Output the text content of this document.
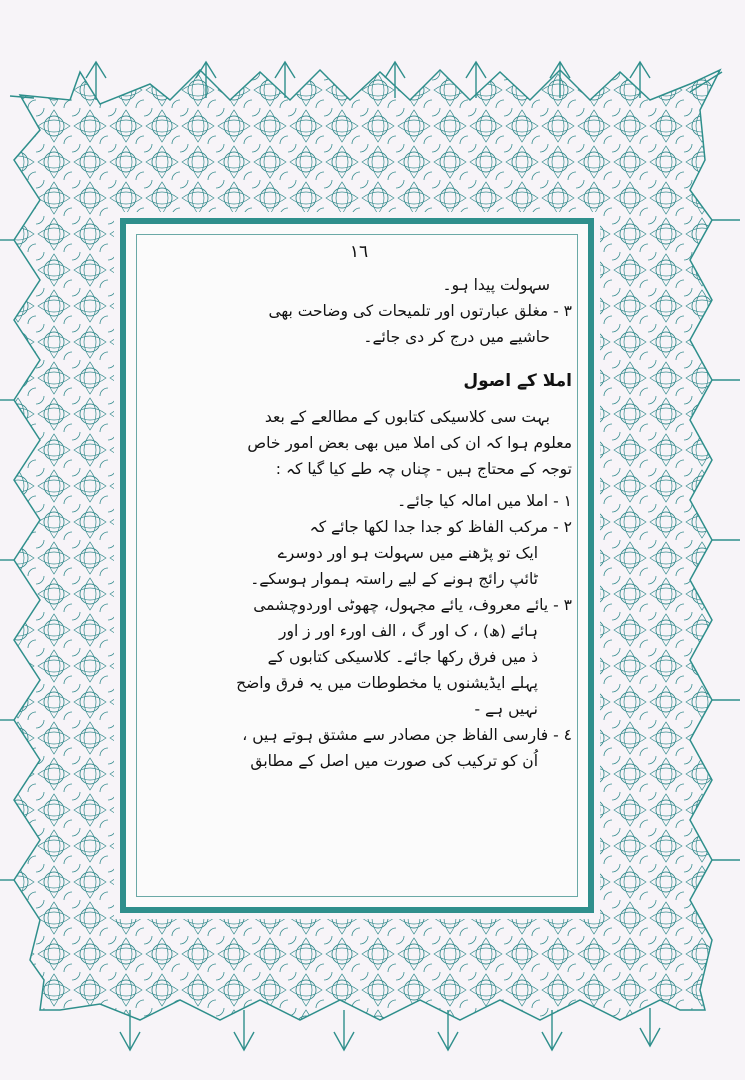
١٦
سہولت پیدا ہو۔
٣ - مغلق عبارتوں اور تلمیحات کی وضاحت بھی
حاشیے میں درج کر دی جائے۔
املا کے اصول
بہت سی کلاسیکی کتابوں کے مطالعے کے بعد
معلوم ہوا کہ ان کی املا میں بھی بعض امور خاص
توجہ کے محتاج ہیں - چناں چہ طے کیا گیا کہ :
١ - املا میں امالہ کیا جائے۔
٢ - مرکب الفاظ کو جدا جدا لکھا جائے کہ
ایک تو پڑھنے میں سہولت ہو اور دوسرے
ٹائپ رائج ہونے کے لیے راستہ ہموار ہوسکے۔
٣ - یائے معروف، یائے مجہول، چھوٹی اوردوچشمی
ہائے (ھ) ، ک اور گ ، الف اورء اور ز اور
ذ میں فرق رکھا جائے۔ کلاسیکی کتابوں کے
پہلے ایڈیشنوں یا مخطوطات میں یہ فرق واضح
نہیں ہے -
٤ - فارسی الفاظ جن مصادر سے مشتق ہوتے ہیں ،
اُن کو ترکیب کی صورت میں اصل کے مطابق
